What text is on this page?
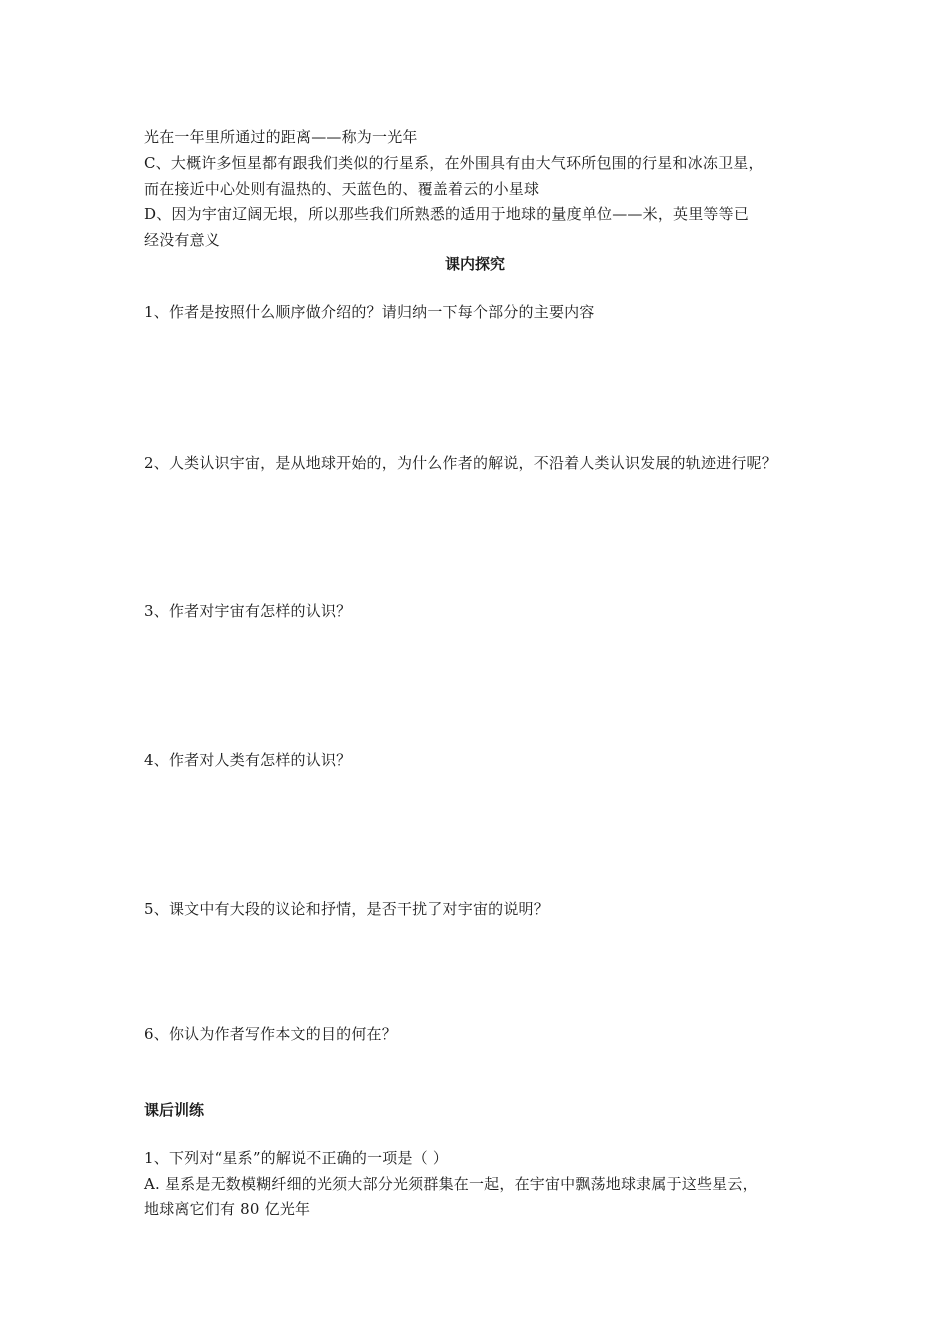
光在一年里所通过的距离——称为一光年
C、大概许多恒星都有跟我们类似的行星系，在外围具有由大气环所包围的行星和冰冻卫星，
而在接近中心处则有温热的、天蓝色的、覆盖着云的小星球
D、因为宇宙辽阔无垠，所以那些我们所熟悉的适用于地球的量度单位——米，英里等等已
经没有意义
课内探究
1、作者是按照什么顺序做介绍的？请归纳一下每个部分的主要内容
2、人类认识宇宙，是从地球开始的，为什么作者的解说，不沿着人类认识发展的轨迹进行呢？
3、作者对宇宙有怎样的认识？
4、作者对人类有怎样的认识？
5、课文中有大段的议论和抒情，是否干扰了对宇宙的说明？
6、你认为作者写作本文的目的何在？
课后训练
1、下列对“星系”的解说不正确的一项是（ ）
A. 星系是无数模糊纤细的光须大部分光须群集在一起，在宇宙中飘荡地球隶属于这些星云，
地球离它们有 80 亿光年
